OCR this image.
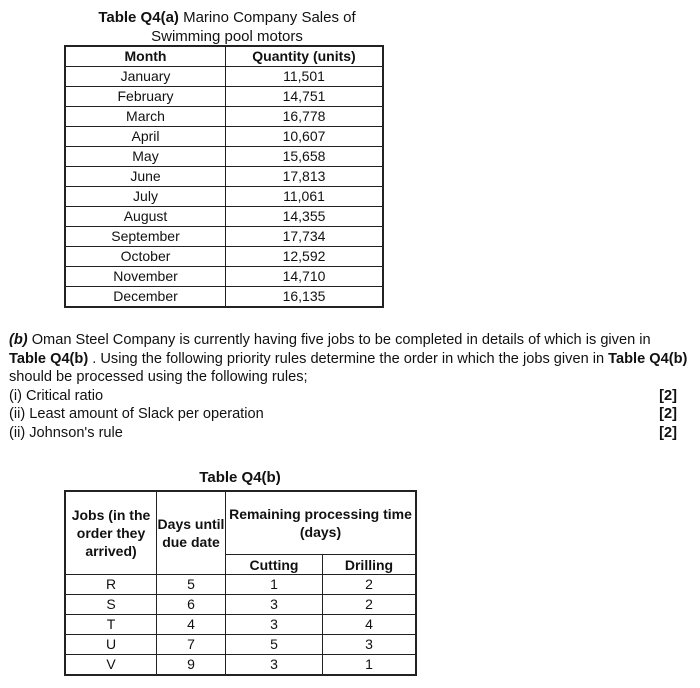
Table Q4(a) Marino Company Sales of
Swimming pool motors
Month	Quantity (units)
January	11,501
February	14,751
March	16,778
April	10,607
May	15,658
June	17,813
July	11,061
August	14,355
September	17,734
October	12,592
November	14,710
December	16,135

(b) Oman Steel Company is currently having five jobs to be completed in details of which is given in Table Q4(b) . Using the following priority rules determine the order in which the jobs given in Table Q4(b) should be processed using the following rules;

(i) Critical ratio	[2]
(ii) Least amount of Slack per operation	[2]
(ii) Johnson's rule	[2]
Table Q4(b)
Jobs (in the order they arrived)	Days until due date	Remaining processing time (days)	
		Cutting	Drilling
R	5	1	2
S	6	3	2
T	4	3	4
U	7	5	3
V	9	3	1
